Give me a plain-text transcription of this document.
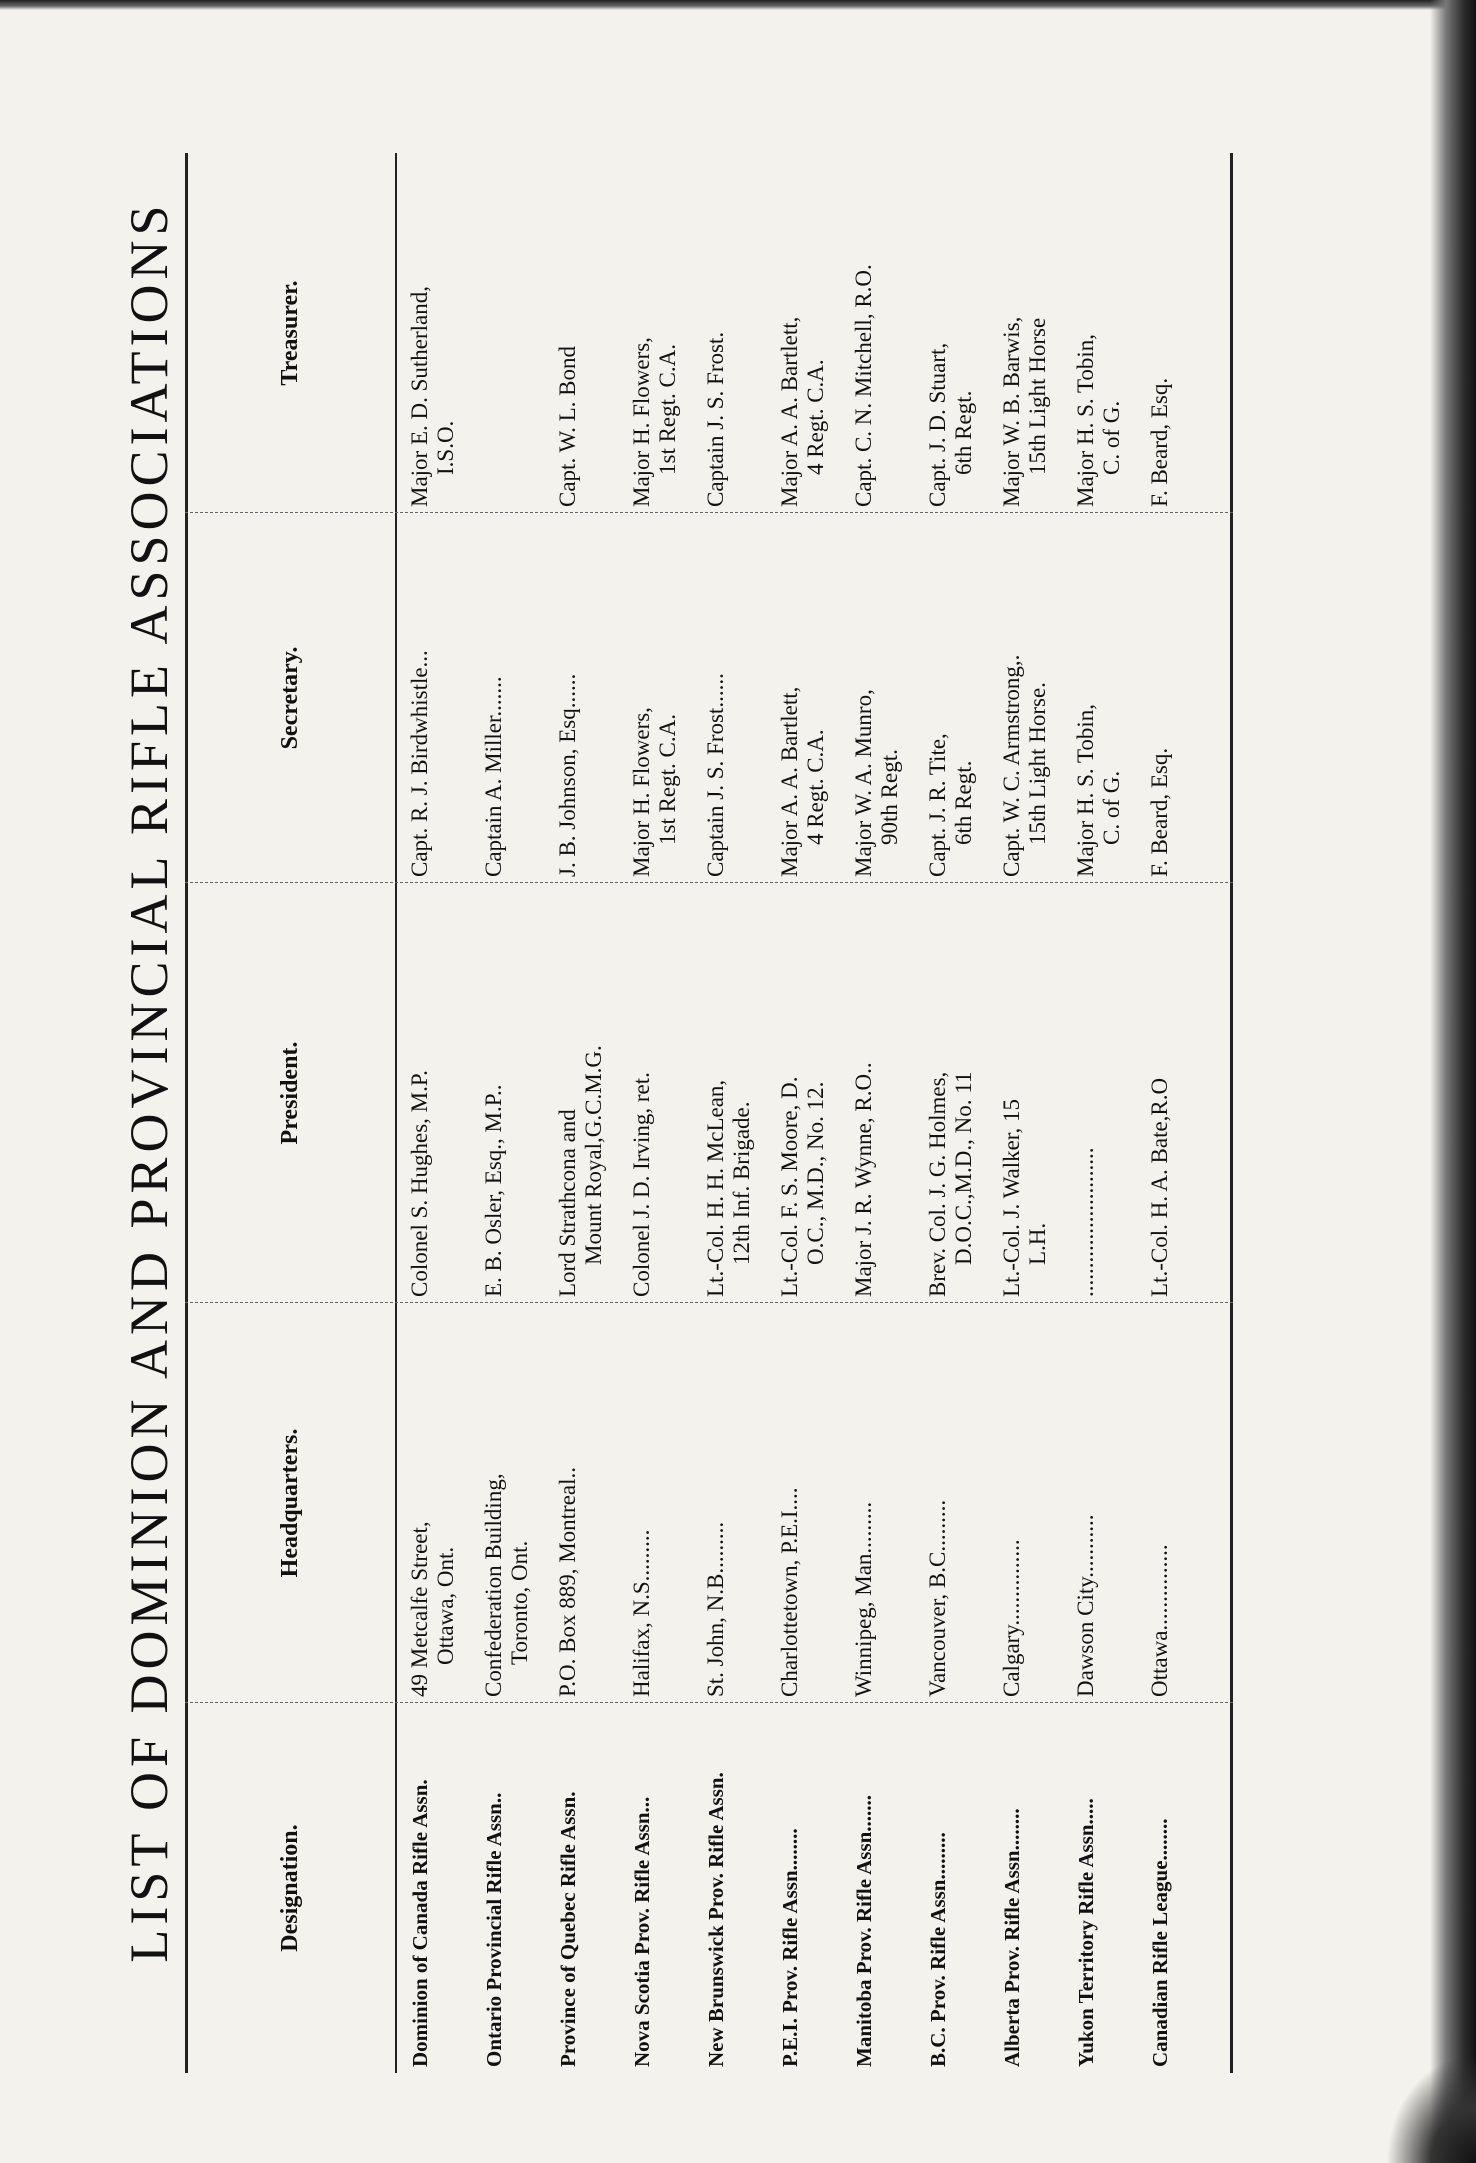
LIST OF DOMINION AND PROVINCIAL RIFLE ASSOCIATIONS	Designation.
Headquarters.
President.
Secretary.
Treasurer.
Dominion of Canada Rifle Assn.
49 Metcalfe Street, Ottawa, Ont.
Colonel S. Hughes, M.P.
Capt. R. J. Birdwhistle...
Major E. D. Sutherland, I.S.O.
Ontario Provincial Rifle Assn..
Confederation Building, Toronto, Ont.
E. B. Osler, Esq., M.P..
Captain A. Miller.......
Province of Quebec Rifle Assn.
P.O. Box 889, Montreal..
Lord Strathcona and Mount Royal,G.C.M.G.
J. B. Johnson, Esq......
Capt. W. L. Bond
Nova Scotia Prov. Rifle Assn...
Halifax, N.S.........
Colonel J. D. Irving, ret.
Major H. Flowers, 1st Regt. C.A.
Major H. Flowers, 1st Regt. C.A.
New Brunswick Prov. Rifle Assn.
St. John, N.B.........
Lt.-Col. H. H. McLean, 12th Inf. Brigade.
Captain J. S. Frost......
Captain J. S. Frost.
P.E.I. Prov. Rifle Assn........
Charlottetown, P.E.I....
Lt.-Col. F. S. Moore, D. O.C., M.D., No. 12.
Major A. A. Bartlett, 4 Regt. C.A.
Major A. A. Bartlett, 4 Regt. C.A.
Manitoba Prov. Rifle Assn.......
Winnipeg, Man.........
Major J. R. Wynne, R.O..
Major W. A. Munro, 90th Regt.
Capt. C. N. Mitchell, R.O.
B.C. Prov. Rifle Assn.........
Vancouver, B.C.........
Brev. Col. J. G. Holmes, D.O.C.,M.D., No. 11
Capt. J. R. Tite, 6th Regt.
Capt. J. D. Stuart, 6th Regt.
Alberta Prov. Rifle Assn........
Calgary...............
Lt.-Col. J. Walker, 15 L.H.
Capt. W. C. Armstrong,. 15th Light Horse.
Major W. B. Barwis, 15th Light Horse
Yukon Territory Rifle Assn.....
Dawson City...........
..........................
Major H. S. Tobin, C. of G.
Major H. S. Tobin, C. of G.
Canadian Rifle League........
Ottawa...............
Lt.-Col. H. A. Bate,R.O
F. Beard, Esq.
F. Beard, Esq.
